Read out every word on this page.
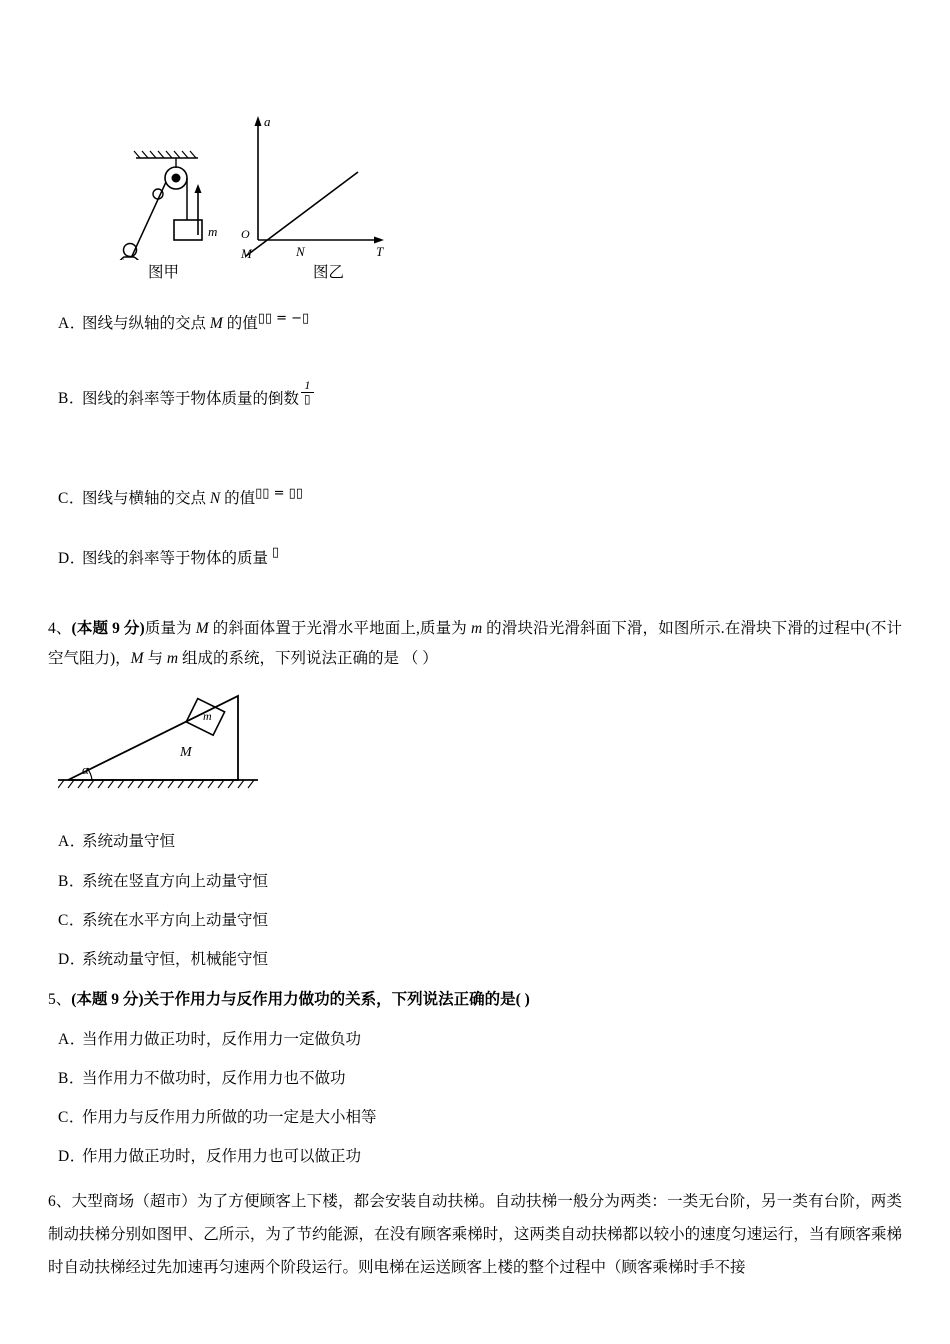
m
a
T
O
M	N
图甲	图乙
A．
图线与纵轴的交点 M 的值▯▯ = −▯
B．
图线的斜率等于物体质量的倒数 $\frac{1}{▯}$
C．
图线与横轴的交点 N 的值▯▯ = ▯▯
D．
图线的斜率等于物体的质量 ▯
4、(本题 9 分)质量为 M 的斜面体置于光滑水平地面上,质量为 m 的滑块沿光滑斜面下滑，如图所示.在滑块下滑的过程中(不计空气阻力)，M 与 m 组成的系统，下列说法正确的是 （ ）
m
M
α
A．
系统动量守恒
B．
系统在竖直方向上动量守恒
C．
系统在水平方向上动量守恒
D．
系统动量守恒，机械能守恒
5、(本题 9 分)关于作用力与反作用力做功的关系，下列说法正确的是( )
A．
当作用力做正功时，反作用力一定做负功
B．
当作用力不做功时，反作用力也不做功
C．
作用力与反作用力所做的功一定是大小相等
D．
作用力做正功时，反作用力也可以做正功
6、大型商场（超市）为了方便顾客上下楼，都会安装自动扶梯。自动扶梯一般分为两类：一类无台阶，另一类有台阶，两类制动扶梯分别如图甲、乙所示，为了节约能源，在没有顾客乘梯时，这两类自动扶梯都以较小的速度匀速运行，当有顾客乘梯时自动扶梯经过先加速再匀速两个阶段运行。则电梯在运送顾客上楼的整个过程中（顾客乘梯时手不接
